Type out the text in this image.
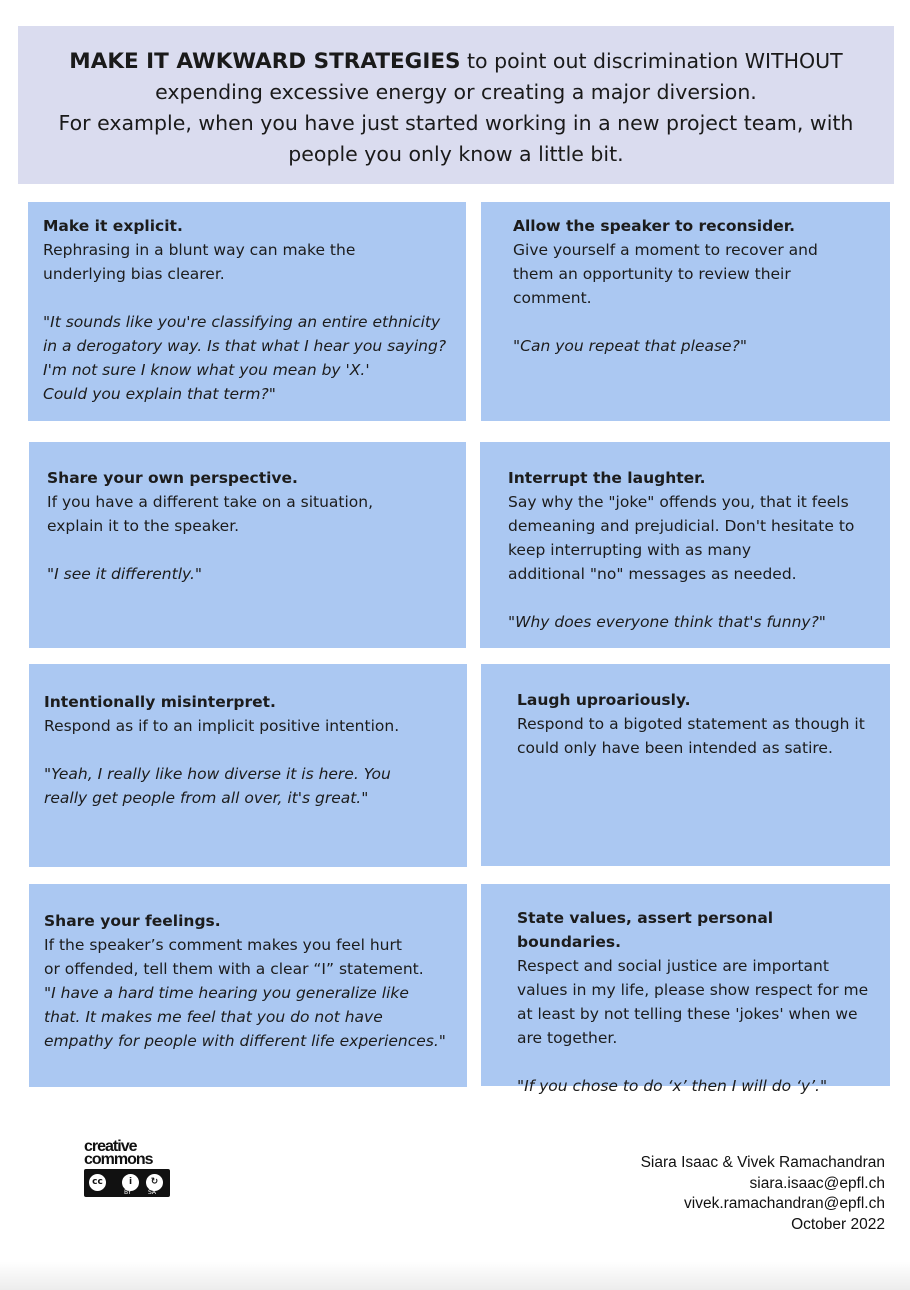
MAKE IT AWKWARD STRATEGIES to point out discrimination WITHOUT
expending excessive energy or creating a major diversion.
For example, when you have just started working in a new project team, with
people you only know a little bit.
Make it explicit.
Rephrasing in a blunt way can make the
underlying bias clearer.
"It sounds like you're classifying an entire ethnicity
in a derogatory way. Is that what I hear you saying?
I'm not sure I know what you mean by 'X.'
Could you explain that term?"
Allow the speaker to reconsider.
Give yourself a moment to recover and
them an opportunity to review their
comment.
"Can you repeat that please?"
Share your own perspective.
If you have a different take on a situation,
explain it to the speaker.
"I see it differently."
Interrupt the laughter.
Say why the "joke" offends you, that it feels
demeaning and prejudicial. Don't hesitate to
keep interrupting with as many
additional "no" messages as needed.
"Why does everyone think that's funny?"
Intentionally misinterpret.
Respond as if to an implicit positive intention.
"Yeah, I really like how diverse it is here. You
really get people from all over, it's great."
Laugh uproariously.
Respond to a bigoted statement as though it
could only have been intended as satire.
Share your feelings.
If the speaker’s comment makes you feel hurt
or offended, tell them with a clear “I” statement.
"I have a hard time hearing you generalize like
that. It makes me feel that you do not have
empathy for people with different life experiences."
State values, assert personal boundaries.
Respect and social justice are important
values in my life, please show respect for me
at least by not telling these 'jokes' when we
are together.
"If you chose to do ‘x’ then I will do ‘y’."
creative
commons
cc	i	↻
BY	SA
Siara Isaac & Vivek Ramachandran
siara.isaac@epfl.ch
vivek.ramachandran@epfl.ch
October 2022
